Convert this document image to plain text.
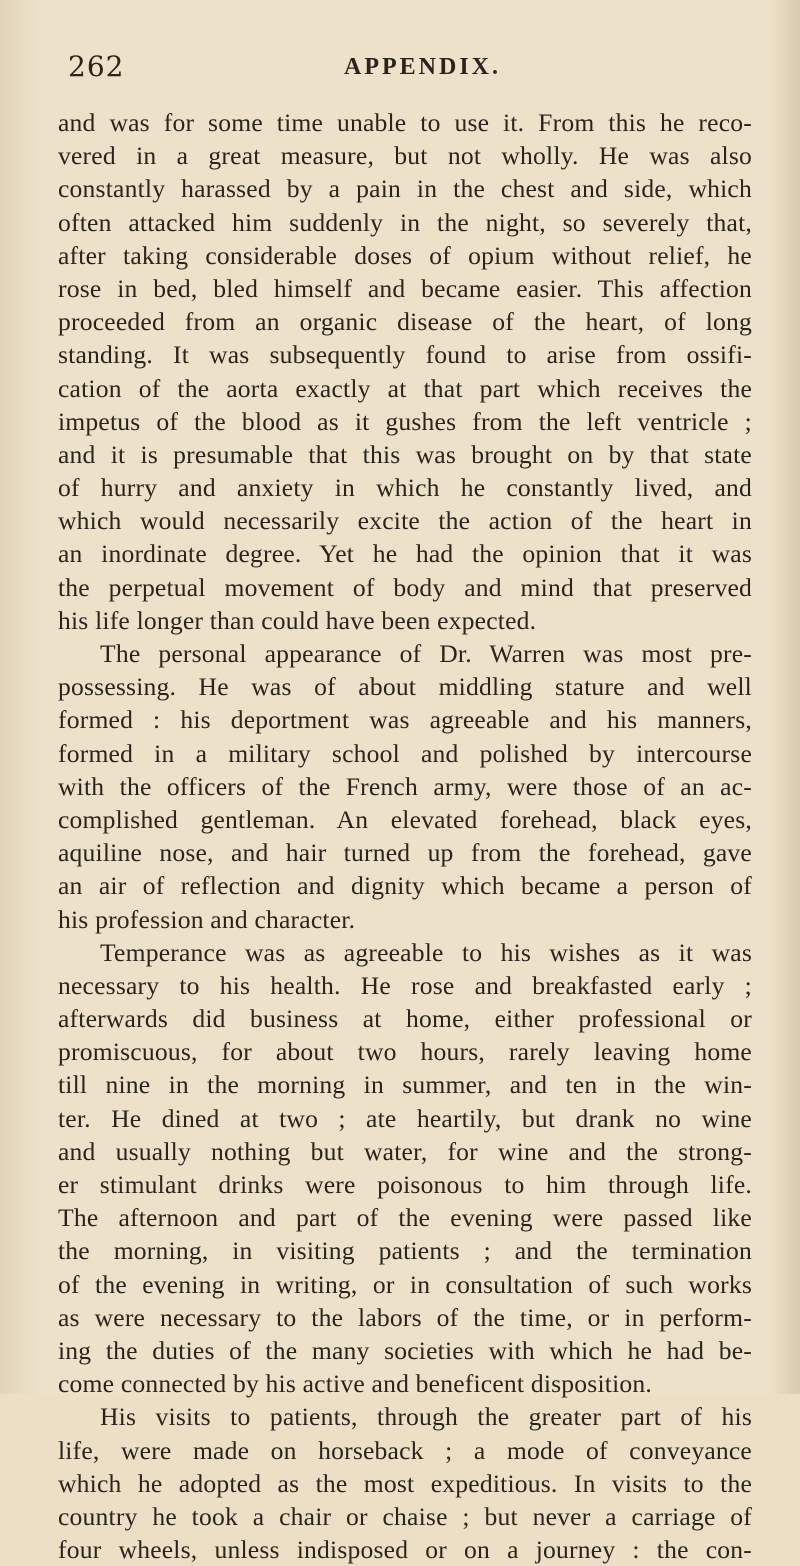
262	APPENDIX.
and was for some time unable to use it. From this he reco-
vered in a great measure, but not wholly. He was also
constantly harassed by a pain in the chest and side, which
often attacked him suddenly in the night, so severely that,
after taking considerable doses of opium without relief, he
rose in bed, bled himself and became easier. This affection
proceeded from an organic disease of the heart, of long
standing. It was subsequently found to arise from ossifi-
cation of the aorta exactly at that part which receives the
impetus of the blood as it gushes from the left ventricle ;
and it is presumable that this was brought on by that state
of hurry and anxiety in which he constantly lived, and
which would necessarily excite the action of the heart in
an inordinate degree. Yet he had the opinion that it was
the perpetual movement of body and mind that preserved
his life longer than could have been expected.
The personal appearance of Dr. Warren was most pre-
possessing. He was of about middling stature and well
formed : his deportment was agreeable and his manners,
formed in a military school and polished by intercourse
with the officers of the French army, were those of an ac-
complished gentleman. An elevated forehead, black eyes,
aquiline nose, and hair turned up from the forehead, gave
an air of reflection and dignity which became a person of
his profession and character.
Temperance was as agreeable to his wishes as it was
necessary to his health. He rose and breakfasted early ;
afterwards did business at home, either professional or
promiscuous, for about two hours, rarely leaving home
till nine in the morning in summer, and ten in the win-
ter. He dined at two ; ate heartily, but drank no wine
and usually nothing but water, for wine and the strong-
er stimulant drinks were poisonous to him through life.
The afternoon and part of the evening were passed like
the morning, in visiting patients ; and the termination
of the evening in writing, or in consultation of such works
as were necessary to the labors of the time, or in perform-
ing the duties of the many societies with which he had be-
come connected by his active and beneficent disposition.
His visits to patients, through the greater part of his
life, were made on horseback ; a mode of conveyance
which he adopted as the most expeditious. In visits to the
country he took a chair or chaise ; but never a carriage of
four wheels, unless indisposed or on a journey : the con-
